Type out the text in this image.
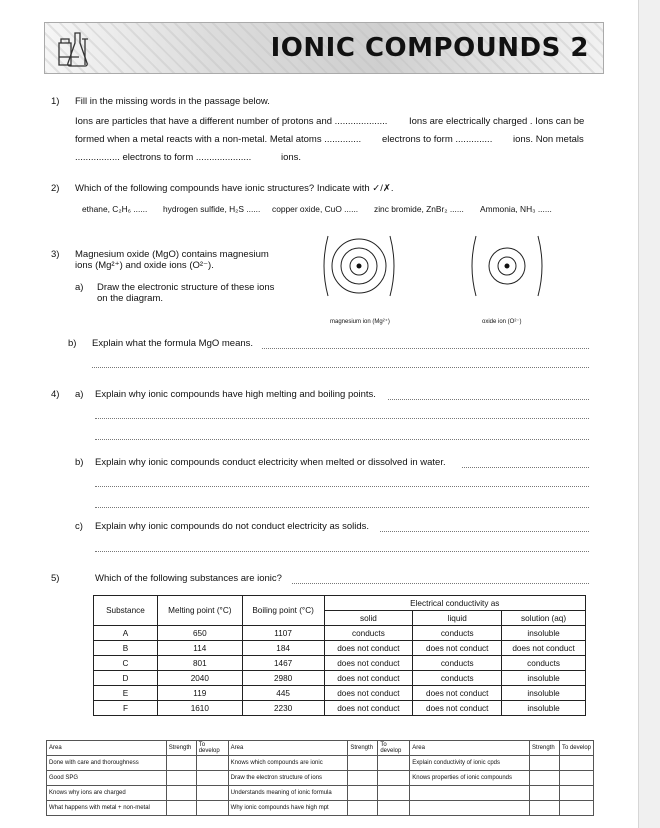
IONIC COMPOUNDS 2
1) Fill in the missing words in the passage below.
Ions are particles that have a different number of protons and .................... Ions are electrically charged . Ions can be
formed when a metal reacts with a non-metal. Metal atoms .............. electrons to form .............. ions. Non metals
................. electrons to form .....................	ions.
2) Which of the following compounds have ionic structures? Indicate with ✓/✗.
ethane, C₂H₆ ...... hydrogen sulfide, H₂S ...... copper oxide, CuO ...... zinc bromide, ZnBr₂ ...... Ammonia, NH₃ ......
3) Magnesium oxide (MgO) contains magnesium
ions (Mg²⁺) and oxide ions (O²⁻).
a) Draw the electronic structure of these ions
on the diagram.
magnesium ion (Mg²⁺)	oxide ion (O²⁻)
b) Explain what the formula MgO means.
4) a) Explain why ionic compounds have high melting and boiling points.
b) Explain why ionic compounds conduct electricity when melted or dissolved in water.
c) Explain why ionic compounds do not conduct electricity as solids.
5)	Which of the following substances are ionic?
Substance	Melting point (°C)	Boiling point (°C)	Electrical conductivity as		
			solid	liquid	solution (aq)
A	650	1107	conducts	conducts	insoluble
B	114	184	does not conduct	does not conduct	does not conduct
C	801	1467	does not conduct	conducts	conducts
D	2040	2980	does not conduct	conducts	insoluble
E	119	445	does not conduct	does not conduct	insoluble
F	1610	2230	does not conduct	does not conduct	insoluble
Area	Strength	To develop	Area	Strength	To develop	Area	Strength	To develop
Done with care and thoroughness			Knows which compounds are ionic			Explain conductivity of ionic cpds		
Good SPG			Draw the electron structure of ions			Knows properties of ionic compounds		
Knows why ions are charged			Understands meaning of ionic formula					
What happens with metal + non-metal			Why ionic compounds have high mpt					
